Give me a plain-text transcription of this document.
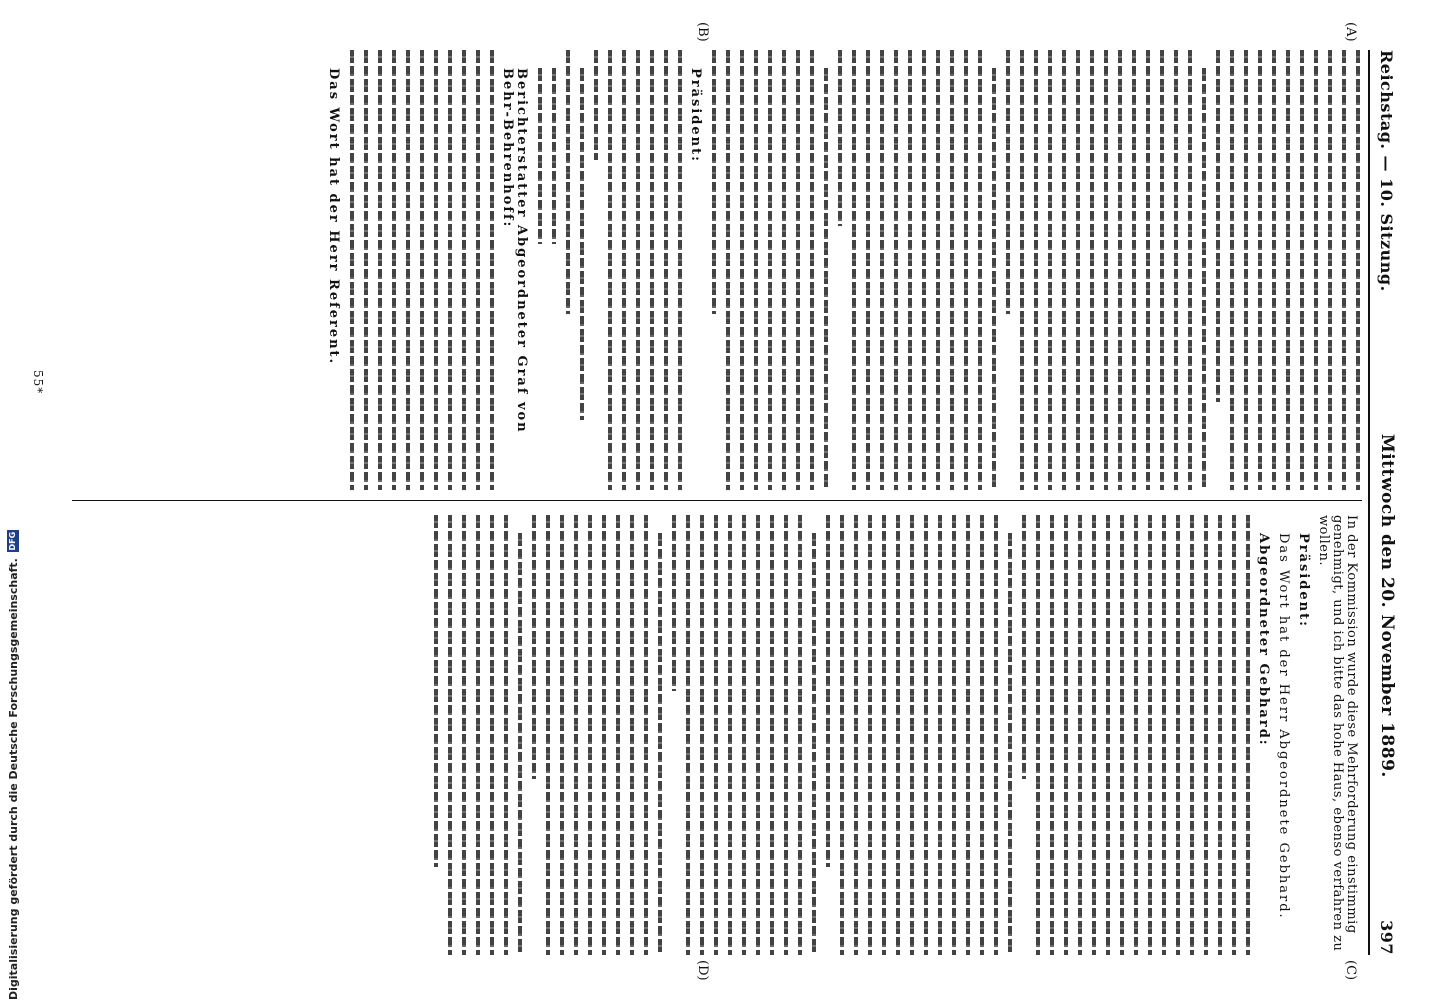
Reichstag. — 10. Sitzung.
Mittwoch den 20. November 1889.
397
(A)
(B)
(C)
(D)
Präsident:
Berichterstatter Abgeordneter Graf von Behr-Behrenhoff:
Das Wort hat der Herr Referent.
In der Kommission wurde diese Mehrforderung einstimmig genehmigt, und ich bitte das hohe Haus, ebenso verfahren zu wollen.
Präsident:
Das Wort hat der Herr Abgeordnete Gebhard.
Abgeordneter Gebhard:
55*
Digitalisierung gefördert durch die Deutsche Forschungsgemeinschaft.
DFG
